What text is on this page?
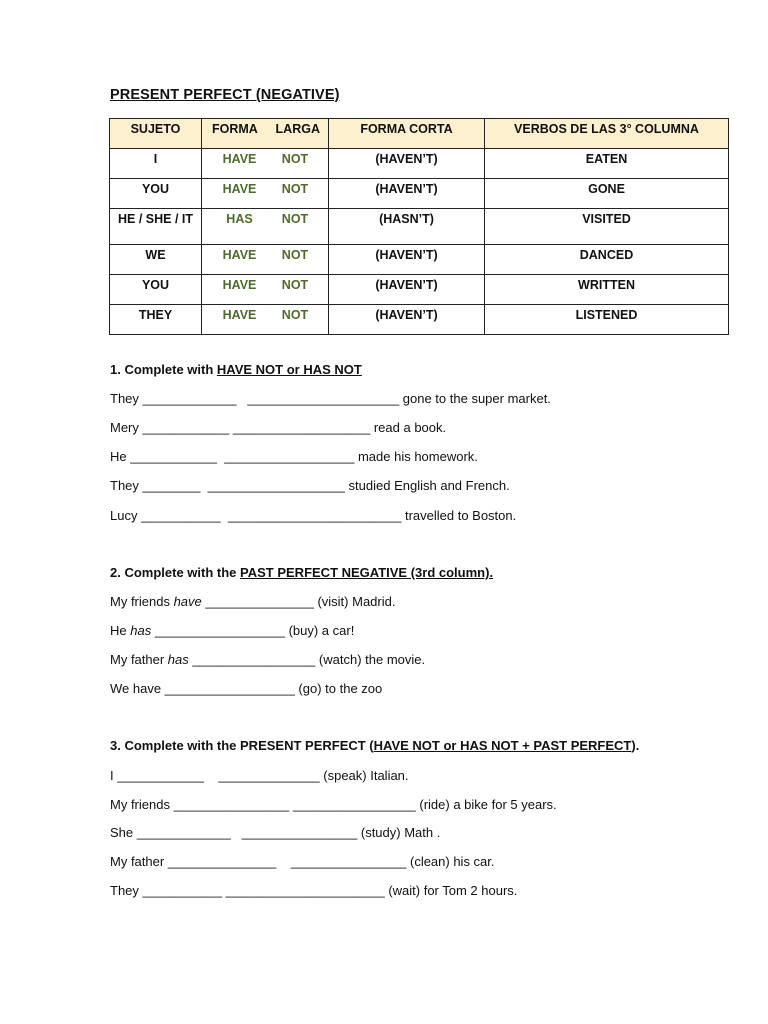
PRESENT PERFECT (NEGATIVE)
SUJETO	FORMA LARGA	FORMA CORTA	VERBOS DE LAS 3° COLUMNA
I	HAVE NOT	(HAVEN’T)	EATEN
YOU	HAVE NOT	(HAVEN’T)	GONE
HE / SHE / IT	HAS NOT	(HASN’T)	VISITED
WE	HAVE NOT	(HAVEN’T)	DANCED
YOU	HAVE NOT	(HAVEN’T)	WRITTEN
THEY	HAVE NOT	(HAVEN’T)	LISTENED
1. Complete with HAVE NOT or HAS NOT
They _____________   _____________________ gone to the super market.
Mery ____________ ___________________ read a book.
He ____________  __________________ made his homework.
They ________  ___________________ studied English and French.
Lucy ___________  ________________________ travelled to Boston.
2. Complete with the PAST PERFECT NEGATIVE (3rd column).
My friends have _______________ (visit) Madrid.
He has __________________ (buy) a car!
My father has _________________ (watch) the movie.
We have __________________ (go) to the zoo
3. Complete with the PRESENT PERFECT (HAVE NOT or HAS NOT + PAST PERFECT).
I ____________    ______________ (speak) Italian.
My friends ________________ _________________ (ride) a bike for 5 years.
She _____________   ________________ (study) Math .
My father _______________    ________________ (clean) his car.
They ___________ ______________________ (wait) for Tom 2 hours.
